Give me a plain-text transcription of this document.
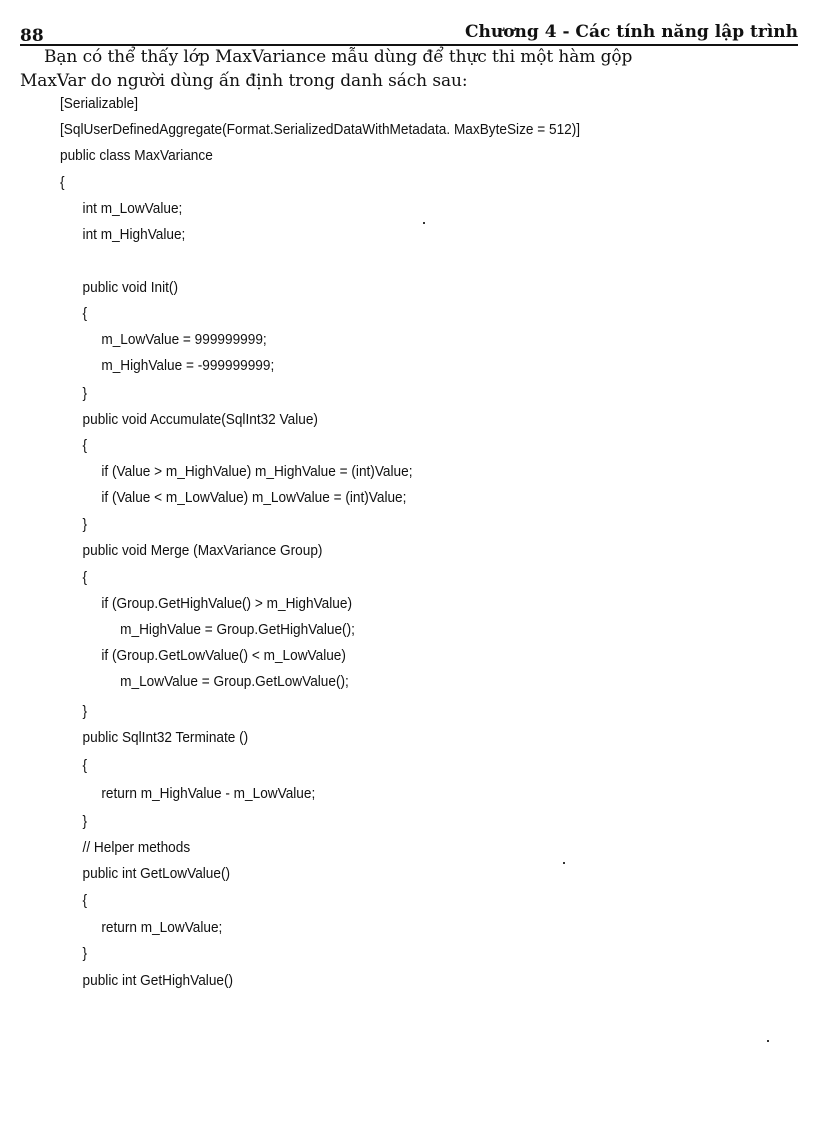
88	Chương 4 - Các tính năng lập trình
Bạn có thể thấy lớp MaxVariance mẫu dùng để thực thi một hàm gộp
MaxVar do người dùng ấn định trong danh sách sau:
[Serializable]
[SqlUserDefinedAggregate(Format.SerializedDataWithMetadata. MaxByteSize = 512)]
public class MaxVariance
{
int m_LowValue;
int m_HighValue;
public void Init()
{
m_LowValue = 999999999;
m_HighValue = -999999999;
}
public void Accumulate(SqlInt32 Value)
{
if (Value > m_HighValue) m_HighValue = (int)Value;
if (Value < m_LowValue) m_LowValue = (int)Value;
}
public void Merge (MaxVariance Group)
{
if (Group.GetHighValue() > m_HighValue)
m_HighValue = Group.GetHighValue();
if (Group.GetLowValue() < m_LowValue)
m_LowValue = Group.GetLowValue();
}
public SqlInt32 Terminate ()
{
return m_HighValue - m_LowValue;
}
// Helper methods
public int GetLowValue()
{
return m_LowValue;
}
public int GetHighValue()
